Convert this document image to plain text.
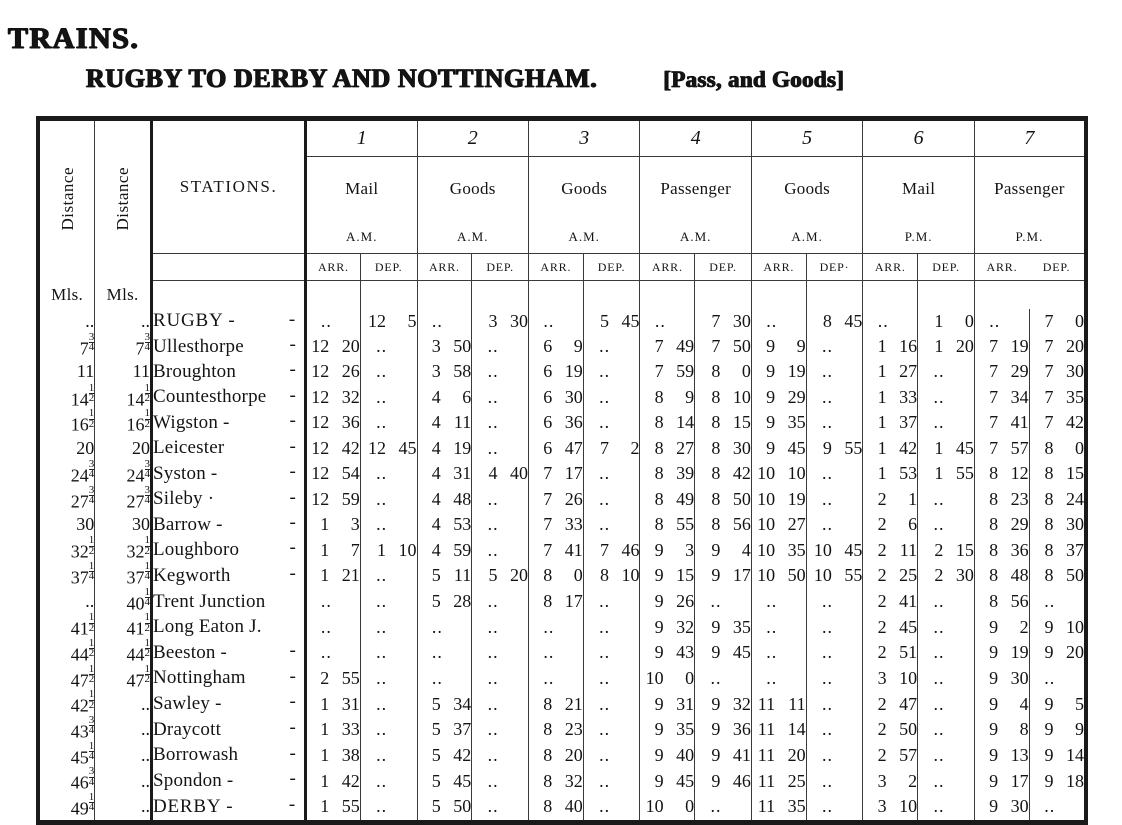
TRAINS.
RUGBY TO DERBY AND NOTTINGHAM.	[Pass, and Goods]
Distance	Distance	STATIONS.	1		2		3		4		5		6		7	
			Mail		Goods		Goods		Passenger		Goods		Mail		Passenger	
			A.M.		A.M.		A.M.		A.M.		A.M.		P.M.		P.M.	
			ARR.	DEP.	ARR.	DEP.	ARR.	DEP.	ARR.	DEP.	ARR.	DEP·	ARR.	DEP.	ARR.	DEP.
Mls.	Mls.															
..	..	RUGBY - -	..	12 5	..	3 30	..	5 45	..	7 30	..	8 45	..	1 0	..	7 0
$7 \frac{3}{4}$	$7 \frac{3}{4}$	Ullesthorpe -	12 20	..	3 50	..	6 9	..	7 49	7 50	9 9	..	1 16	1 20	7 19	7 20
11	11	Broughton -	12 26	..	3 58	..	6 19	..	7 59	8 0	9 19	..	1 27	..	7 29	7 30
$14 \frac{1}{2}$	$14 \frac{1}{2}$	Countesthorpe -	12 32	..	4 6	..	6 30	..	8 9	8 10	9 29	..	1 33	..	7 34	7 35
$16 \frac{1}{2}$	$16 \frac{1}{2}$	Wigston - -	12 36	..	4 11	..	6 36	..	8 14	8 15	9 35	..	1 37	..	7 41	7 42
20	20	Leicester -	12 42	12 45	4 19	..	6 47	7 2	8 27	8 30	9 45	9 55	1 42	1 45	7 57	8 0
$24 \frac{3}{4}$	$24 \frac{3}{4}$	Syston - -	12 54	..	4 31	4 40	7 17	..	8 39	8 42	10 10	..	1 53	1 55	8 12	8 15
$27 \frac{3}{4}$	$27 \frac{3}{4}$	Sileby · -	12 59	..	4 48	..	7 26	..	8 49	8 50	10 19	..	2 1	..	8 23	8 24
30	30	Barrow - -	1 3	..	4 53	..	7 33	..	8 55	8 56	10 27	..	2 6	..	8 29	8 30
$32 \frac{1}{2}$	$32 \frac{1}{2}$	Loughboro -	1 7	1 10	4 59	..	7 41	7 46	9 3	9 4	10 35	10 45	2 11	2 15	8 36	8 37
$37 \frac{1}{4}$	$37 \frac{1}{4}$	Kegworth -	1 21	..	5 11	5 20	8 0	8 10	9 15	9 17	10 50	10 55	2 25	2 30	8 48	8 50
..	$40 \frac{1}{4}$	Trent Junction	..	..	5 28	..	8 17	..	9 26	..	..	..	2 41	..	8 56	..
$41 \frac{1}{2}$	$41 \frac{1}{2}$	Long Eaton J.	..	..	..	..	..	..	9 32	9 35	..	..	2 45	..	9 2	9 10
$44 \frac{1}{2}$	$44 \frac{1}{2}$	Beeston - -	..	..	..	..	..	..	9 43	9 45	..	..	2 51	..	9 19	9 20
$47 \frac{1}{2}$	$47 \frac{1}{2}$	Nottingham -	2 55	..	..	..	..	..	10 0	..	..	..	3 10	..	9 30	..
$42 \frac{1}{2}$	..	Sawley - -	1 31	..	5 34	..	8 21	..	9 31	9 32	11 11	..	2 47	..	9 4	9 5
$43 \frac{3}{4}$	..	Draycott -	1 33	..	5 37	..	8 23	..	9 35	9 36	11 14	..	2 50	..	9 8	9 9
$45 \frac{1}{4}$	..	Borrowash -	1 38	..	5 42	..	8 20	..	9 40	9 41	11 20	..	2 57	..	9 13	9 14
$46 \frac{3}{4}$	..	Spondon - -	1 42	..	5 45	..	8 32	..	9 45	9 46	11 25	..	3 2	..	9 17	9 18
$49 \frac{1}{4}$	..	DERBY - -	1 55	..	5 50	..	8 40	..	10 0	..	11 35	..	3 10	..	9 30	..
